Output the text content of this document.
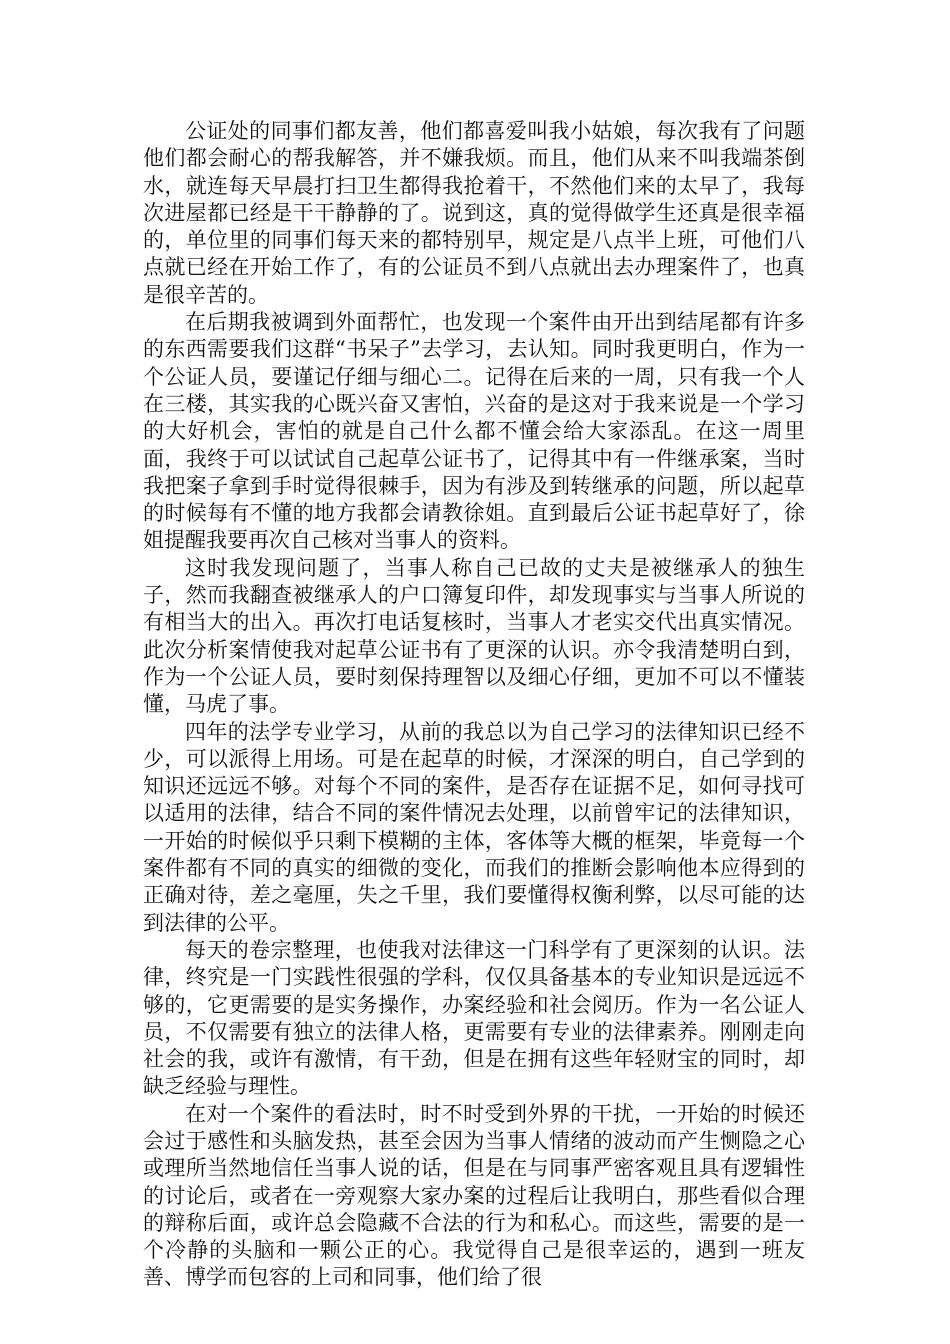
公证处的同事们都友善，他们都喜爱叫我小姑娘，每次我有了问题他们都会耐心的帮我解答，并不嫌我烦。而且，他们从来不叫我端茶倒水，就连每天早晨打扫卫生都得我抢着干，不然他们来的太早了，我每次进屋都已经是干干静静的了。说到这，真的觉得做学生还真是很幸福的，单位里的同事们每天来的都特别早，规定是八点半上班，可他们八点就已经在开始工作了，有的公证员不到八点就出去办理案件了，也真是很辛苦的。

在后期我被调到外面帮忙，也发现一个案件由开出到结尾都有许多的东西需要我们这群“书呆子”去学习，去认知。同时我更明白，作为一个公证人员，要谨记仔细与细心二。记得在后来的一周，只有我一个人在三楼，其实我的心既兴奋又害怕，兴奋的是这对于我来说是一个学习的大好机会，害怕的就是自己什么都不懂会给大家添乱。在这一周里面，我终于可以试试自己起草公证书了，记得其中有一件继承案，当时我把案子拿到手时觉得很棘手，因为有涉及到转继承的问题，所以起草的时候每有不懂的地方我都会请教徐姐。直到最后公证书起草好了，徐姐提醒我要再次自己核对当事人的资料。

这时我发现问题了，当事人称自己已故的丈夫是被继承人的独生子，然而我翻查被继承人的户口簿复印件，却发现事实与当事人所说的有相当大的出入。再次打电话复核时，当事人才老实交代出真实情况。此次分析案情使我对起草公证书有了更深的认识。亦令我清楚明白到，作为一个公证人员，要时刻保持理智以及细心仔细，更加不可以不懂装懂，马虎了事。

四年的法学专业学习，从前的我总以为自己学习的法律知识已经不少，可以派得上用场。可是在起草的时候，才深深的明白，自己学到的知识还远远不够。对每个不同的案件，是否存在证据不足，如何寻找可以适用的法律，结合不同的案件情况去处理，以前曾牢记的法律知识，一开始的时候似乎只剩下模糊的主体，客体等大概的框架，毕竟每一个案件都有不同的真实的细微的变化，而我们的推断会影响他本应得到的正确对待，差之毫厘，失之千里，我们要懂得权衡利弊，以尽可能的达到法律的公平。

每天的卷宗整理，也使我对法律这一门科学有了更深刻的认识。法律，终究是一门实践性很强的学科，仅仅具备基本的专业知识是远远不够的，它更需要的是实务操作，办案经验和社会阅历。作为一名公证人员，不仅需要有独立的法律人格，更需要有专业的法律素养。刚刚走向社会的我，或许有激情，有干劲，但是在拥有这些年轻财宝的同时，却缺乏经验与理性。

在对一个案件的看法时，时不时受到外界的干扰，一开始的时候还会过于感性和头脑发热，甚至会因为当事人情绪的波动而产生恻隐之心或理所当然地信任当事人说的话，但是在与同事严密客观且具有逻辑性的讨论后，或者在一旁观察大家办案的过程后让我明白，那些看似合理的辩称后面，或许总会隐藏不合法的行为和私心。而这些，需要的是一个冷静的头脑和一颗公正的心。我觉得自己是很幸运的，遇到一班友善、博学而包容的上司和同事，他们给了很
